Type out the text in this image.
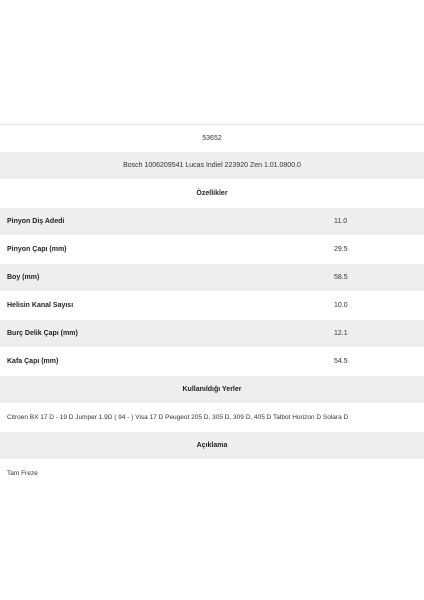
53652
Bosch 1006209541 Lucas Indiel 223920 Zen 1.01.0800.0
Özellikler
Pinyon Diş Adedi	11.0
Pinyon Çapı (mm)	29.5
Boy (mm)	58.5
Helisin Kanal Sayısı	10.0
Burç Delik Çapı (mm)	12.1
Kafa Çapı (mm)	54.5
Kullanıldığı Yerler
Citroen BX 17 D - 19 D Jumper 1.9D ( 94 - ) Visa 17 D Peugeot 205 D, 305 D, 309 D, 405 D Talbot Horizon D Solara D
Açıklama
Tam Freze
